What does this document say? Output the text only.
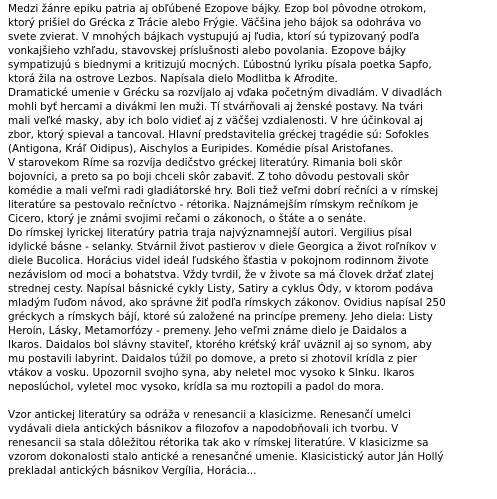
Medzi žánre epiku patria aj obľúbené Ezopove bájky. Ezop bol pôvodne otrokom,
ktorý prišiel do Grécka z Trácie alebo Frýgie. Väčšina jeho bájok sa odohráva vo
svete zvierat. V mnohých bájkach vystupujú aj ľudia, ktorí sú typizovaný podľa
vonkajšieho vzhľadu, stavovskej príslušnosti alebo povolania. Ezopove bájky
sympatizujú s biednymi a kritizujú mocných. Ľúbostnú lyriku písala poetka Sapfo,
ktorá žila na ostrove Lezbos. Napísala dielo Modlitba k Afrodite.
Dramatické umenie v Grécku sa rozvíjalo aj vďaka početným divadlám. V divadlách
mohli byť hercami a divákmi len muži. Tí stvárňovali aj ženské postavy. Na tvári
mali veľké masky, aby ich bolo vidieť aj z väčšej vzdialenosti. V hre účinkoval aj
zbor, ktorý spieval a tancoval. Hlavní predstavitelia gréckej tragédie sú: Sofokles
(Antigona, Kráľ Oidipus), Aischylos a Euripides. Komédie písal Aristofanes.
V starovekom Ríme sa rozvíja dedičstvo gréckej literatúry. Rimania boli skôr
bojovníci, a preto sa po boji chceli skôr zabaviť. Z toho dôvodu pestovali skôr
komédie a mali veľmi radi gladiátorské hry. Boli tiež veľmi dobrí rečníci a v rímskej
literatúre sa pestovalo rečníctvo - rétorika. Najznámejším rímskym rečníkom je
Cicero, ktorý je známi svojimi rečami o zákonoch, o štáte a o senáte.
Do rímskej lyrickej literatúry patria traja najvýznamnejší autori. Vergilius písal
idylické básne - selanky. Stvárnil život pastierov v diele Georgica a život roľníkov v
diele Bucolica. Horácius videl ideál ľudského šťastia v pokojnom rodinnom živote
nezávislom od moci a bohatstva. Vždy tvrdil, že v živote sa má človek držať zlatej
strednej cesty. Napísal básnické cykly Listy, Satiry a cyklus Ódy, v ktorom podáva
mladým ľuďom návod, ako správne žiť podľa rímskych zákonov. Ovidius napísal 250
gréckych a rímskych bájí, ktoré sú založené na princípe premeny. Jeho diela: Listy
Heroín, Lásky, Metamorfózy - premeny. Jeho veľmi známe dielo je Daidalos a
Ikaros. Daidalos bol slávny staviteľ, ktorého kréťský kráľ uväznil aj so synom, aby
mu postavili labyrint. Daidalos túžil po domove, a preto si zhotovil krídla z pier
vtákov a vosku. Upozornil svojho syna, aby neletel moc vysoko k Slnku. Ikaros
neposlúchol, vyletel moc vysoko, krídla sa mu roztopili a padol do mora.
Vzor antickej literatúry sa odráža v renesancii a klasicizme. Renesančí umelci
vydávali diela antických básnikov a filozofov a napodobňovali ich tvorbu. V
renesancii sa stala dôležitou rétorika tak ako v rímskej literatúre. V klasicizme sa
vzorom dokonalosti stalo antické a renesančné umenie. Klasicistický autor Ján Hollý
prekladal antických básnikov Vergília, Horácia...
